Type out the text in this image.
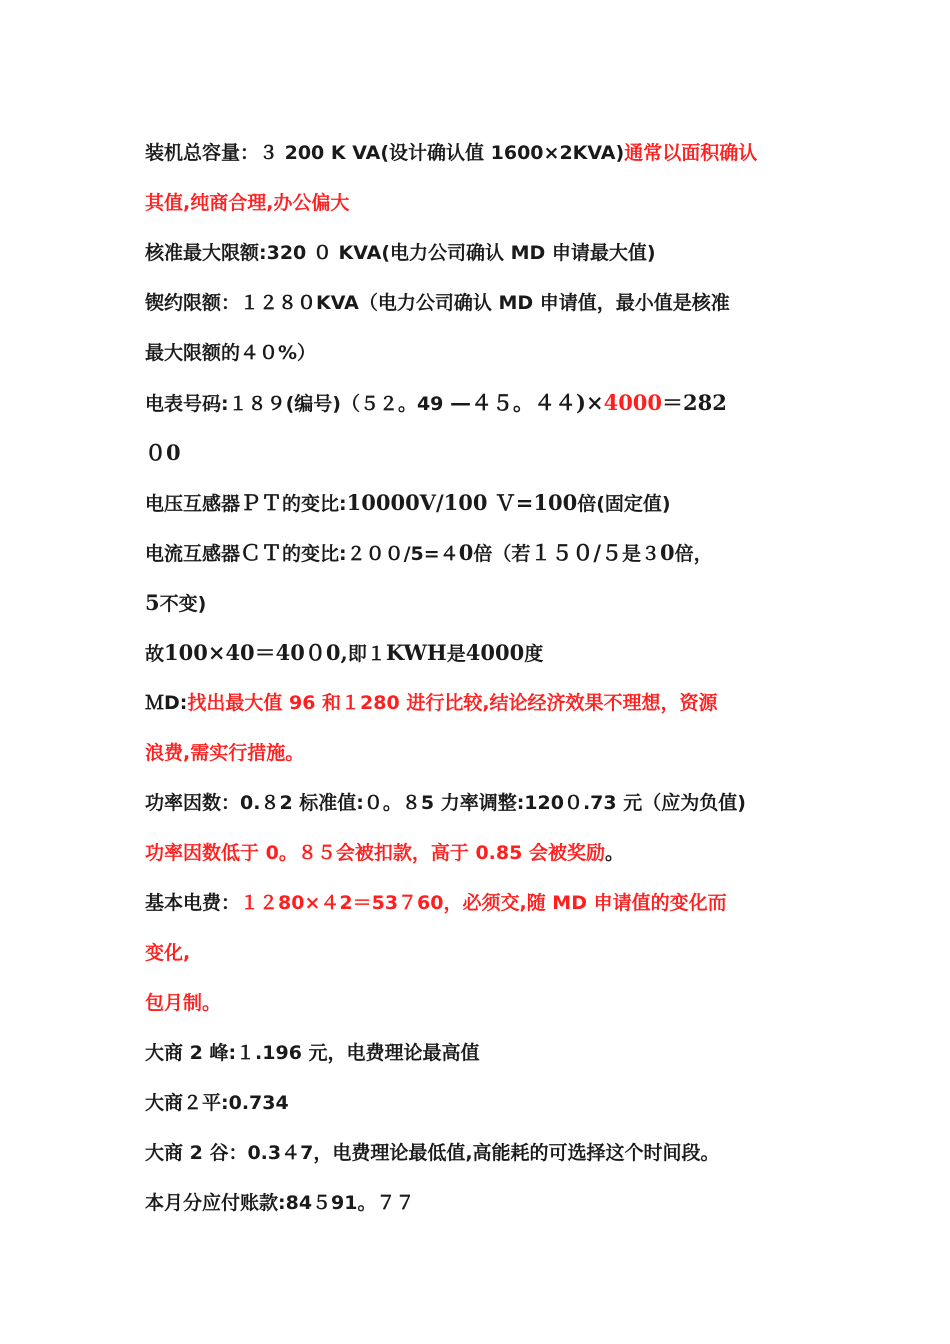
装机总容量：３ 200 K VA(设计确认值 1600×2KVA)通常以面积确认
其值,纯商合理,办公偏大
核准最大限额:320 ０ KVA(电力公司确认 MD 申请最大值)
锲约限额：１２８０KVA（电力公司确认 MD 申请值，最小值是核准
最大限额的４０%）
电表号码:１８９(编号)（５２。49 —４５。４４)×4000＝282
０0
电压互感器ＰＴ的变比:10000V/100 Ｖ=100倍(固定值)
电流互感器ＣＴ的变比:２００/5=４0倍（若１５０/５是３0倍，
5不变)
故100×40＝40０0,即１KWH是4000度
ＭD:找出最大值 96 和１280 进行比较,结论经济效果不理想，资源
浪费,需实行措施。
功率因数：0.８2 标准值:０。８5 力率调整:120０.73 元（应为负值)
功率因数低于 0。８５会被扣款，高于 0.85 会被奖励。
基本电费：１２80×４2＝53７60，必须交,随 MD 申请值的变化而
变化,
包月制。
大商 2 峰:１.196 元，电费理论最高值
大商２平:0.734
大商 2 谷：0.3４7，电费理论最低值,高能耗的可选择这个时间段。
本月分应付账款:84５91。７７
